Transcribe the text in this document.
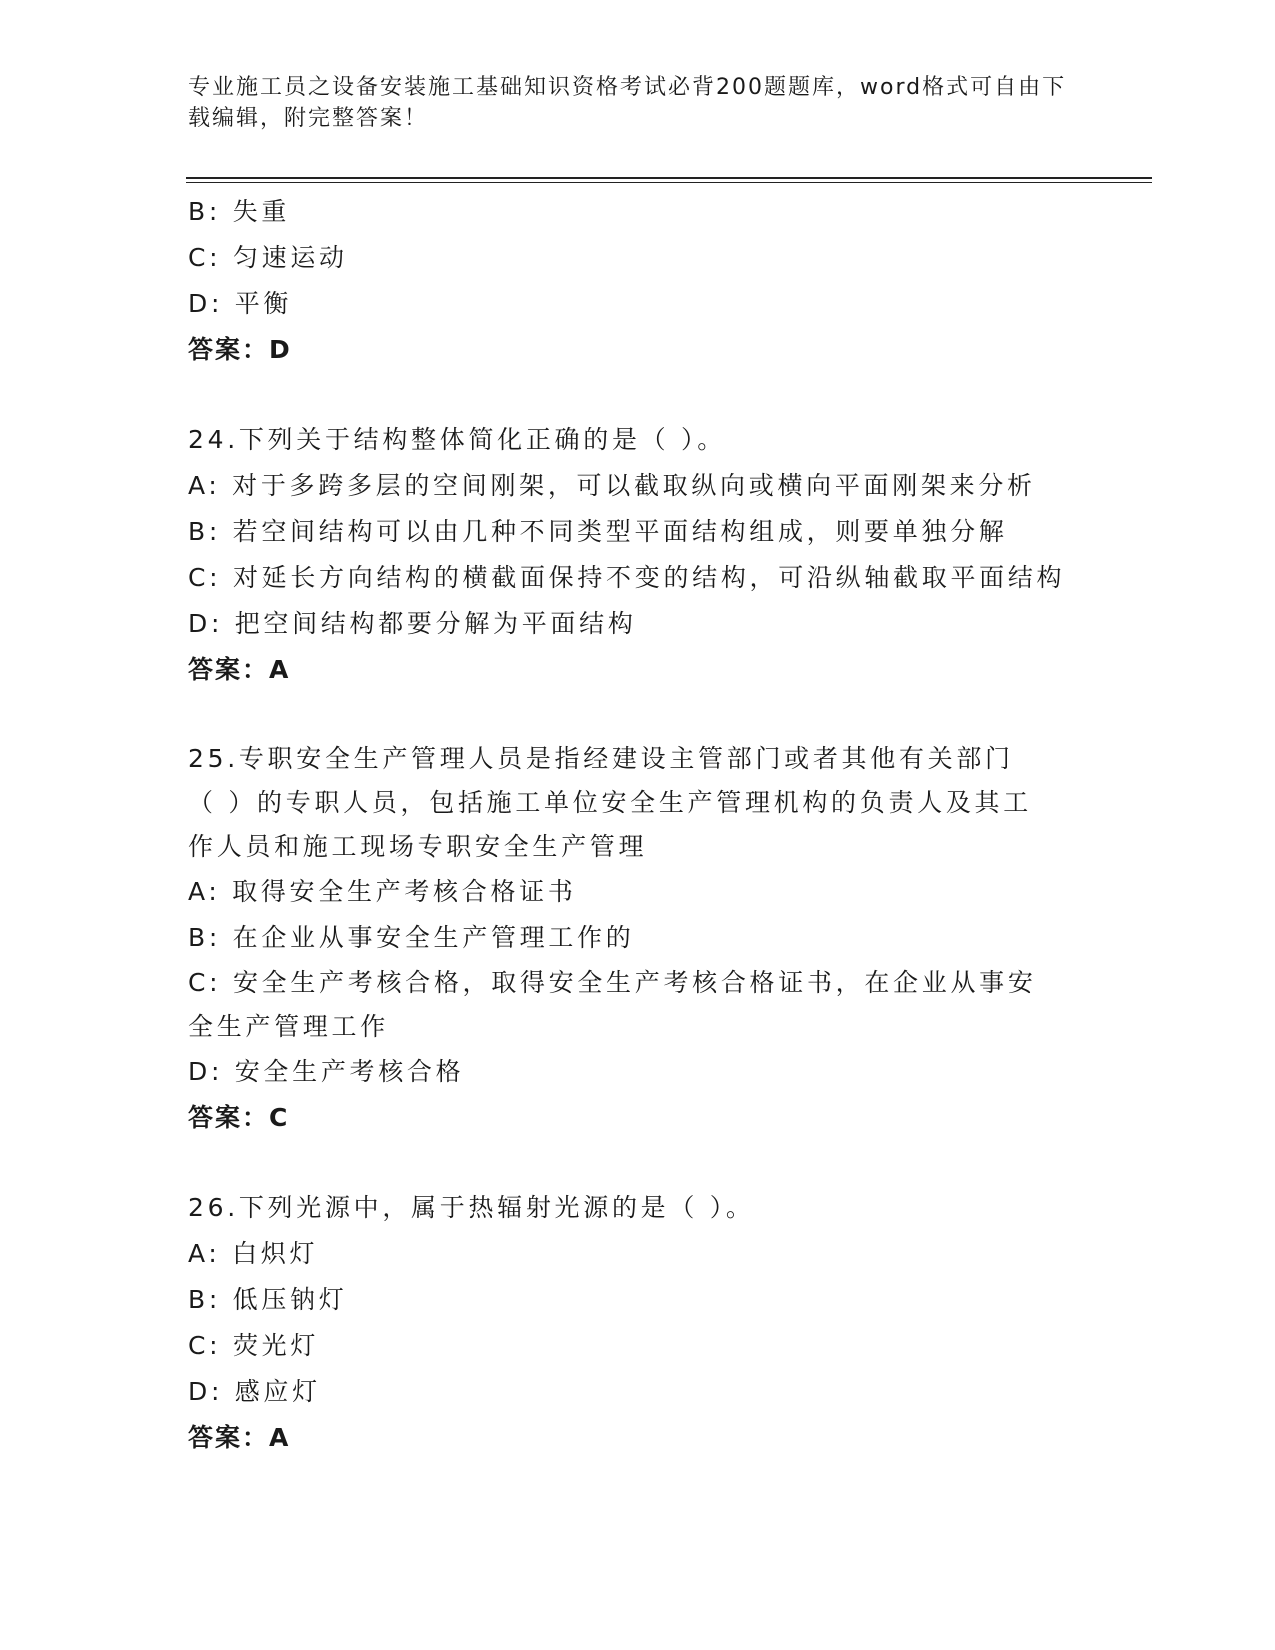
专业施工员之设备安装施工基础知识资格考试必背200题题库，word格式可自由下载编辑，附完整答案！
B: 失重
C: 匀速运动
D: 平衡
答案：D
24.下列关于结构整体简化正确的是（ ）。
A: 对于多跨多层的空间刚架，可以截取纵向或横向平面刚架来分析
B: 若空间结构可以由几种不同类型平面结构组成，则要单独分解
C: 对延长方向结构的横截面保持不变的结构，可沿纵轴截取平面结构
D: 把空间结构都要分解为平面结构
答案：A
25.专职安全生产管理人员是指经建设主管部门或者其他有关部门（ ）的专职人员，包括施工单位安全生产管理机构的负责人及其工作人员和施工现场专职安全生产管理
A: 取得安全生产考核合格证书
B: 在企业从事安全生产管理工作的
C: 安全生产考核合格，取得安全生产考核合格证书，在企业从事安全生产管理工作
D: 安全生产考核合格
答案：C
26.下列光源中，属于热辐射光源的是（ ）。
A: 白炽灯
B: 低压钠灯
C: 荧光灯
D: 感应灯
答案：A
